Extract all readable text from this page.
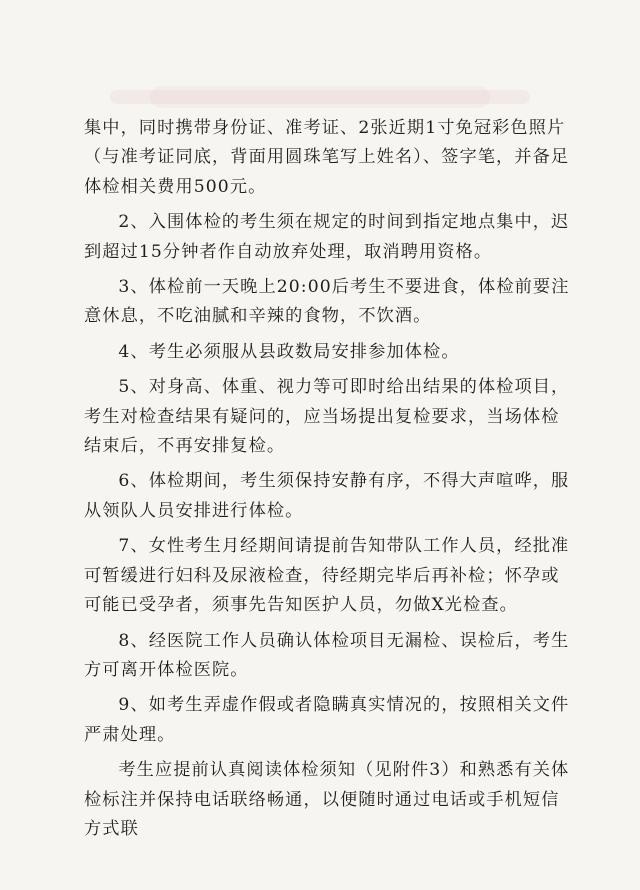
集中，同时携带身份证、准考证、2张近期1寸免冠彩色照片（与准考证同底，背面用圆珠笔写上姓名）、签字笔，并备足体检相关费用500元。

2、入围体检的考生须在规定的时间到指定地点集中，迟到超过15分钟者作自动放弃处理，取消聘用资格。

3、体检前一天晚上20:00后考生不要进食，体检前要注意休息，不吃油腻和辛辣的食物，不饮酒。

4、考生必须服从县政数局安排参加体检。

5、对身高、体重、视力等可即时给出结果的体检项目，考生对检查结果有疑问的，应当场提出复检要求，当场体检结束后，不再安排复检。

6、体检期间，考生须保持安静有序，不得大声喧哗，服从领队人员安排进行体检。

7、女性考生月经期间请提前告知带队工作人员，经批准可暂缓进行妇科及尿液检查，待经期完毕后再补检；怀孕或可能已受孕者，须事先告知医护人员，勿做X光检查。

8、经医院工作人员确认体检项目无漏检、误检后，考生方可离开体检医院。

9、如考生弄虚作假或者隐瞒真实情况的，按照相关文件严肃处理。

考生应提前认真阅读体检须知（见附件3）和熟悉有关体检标注并保持电话联络畅通，以便随时通过电话或手机短信方式联
